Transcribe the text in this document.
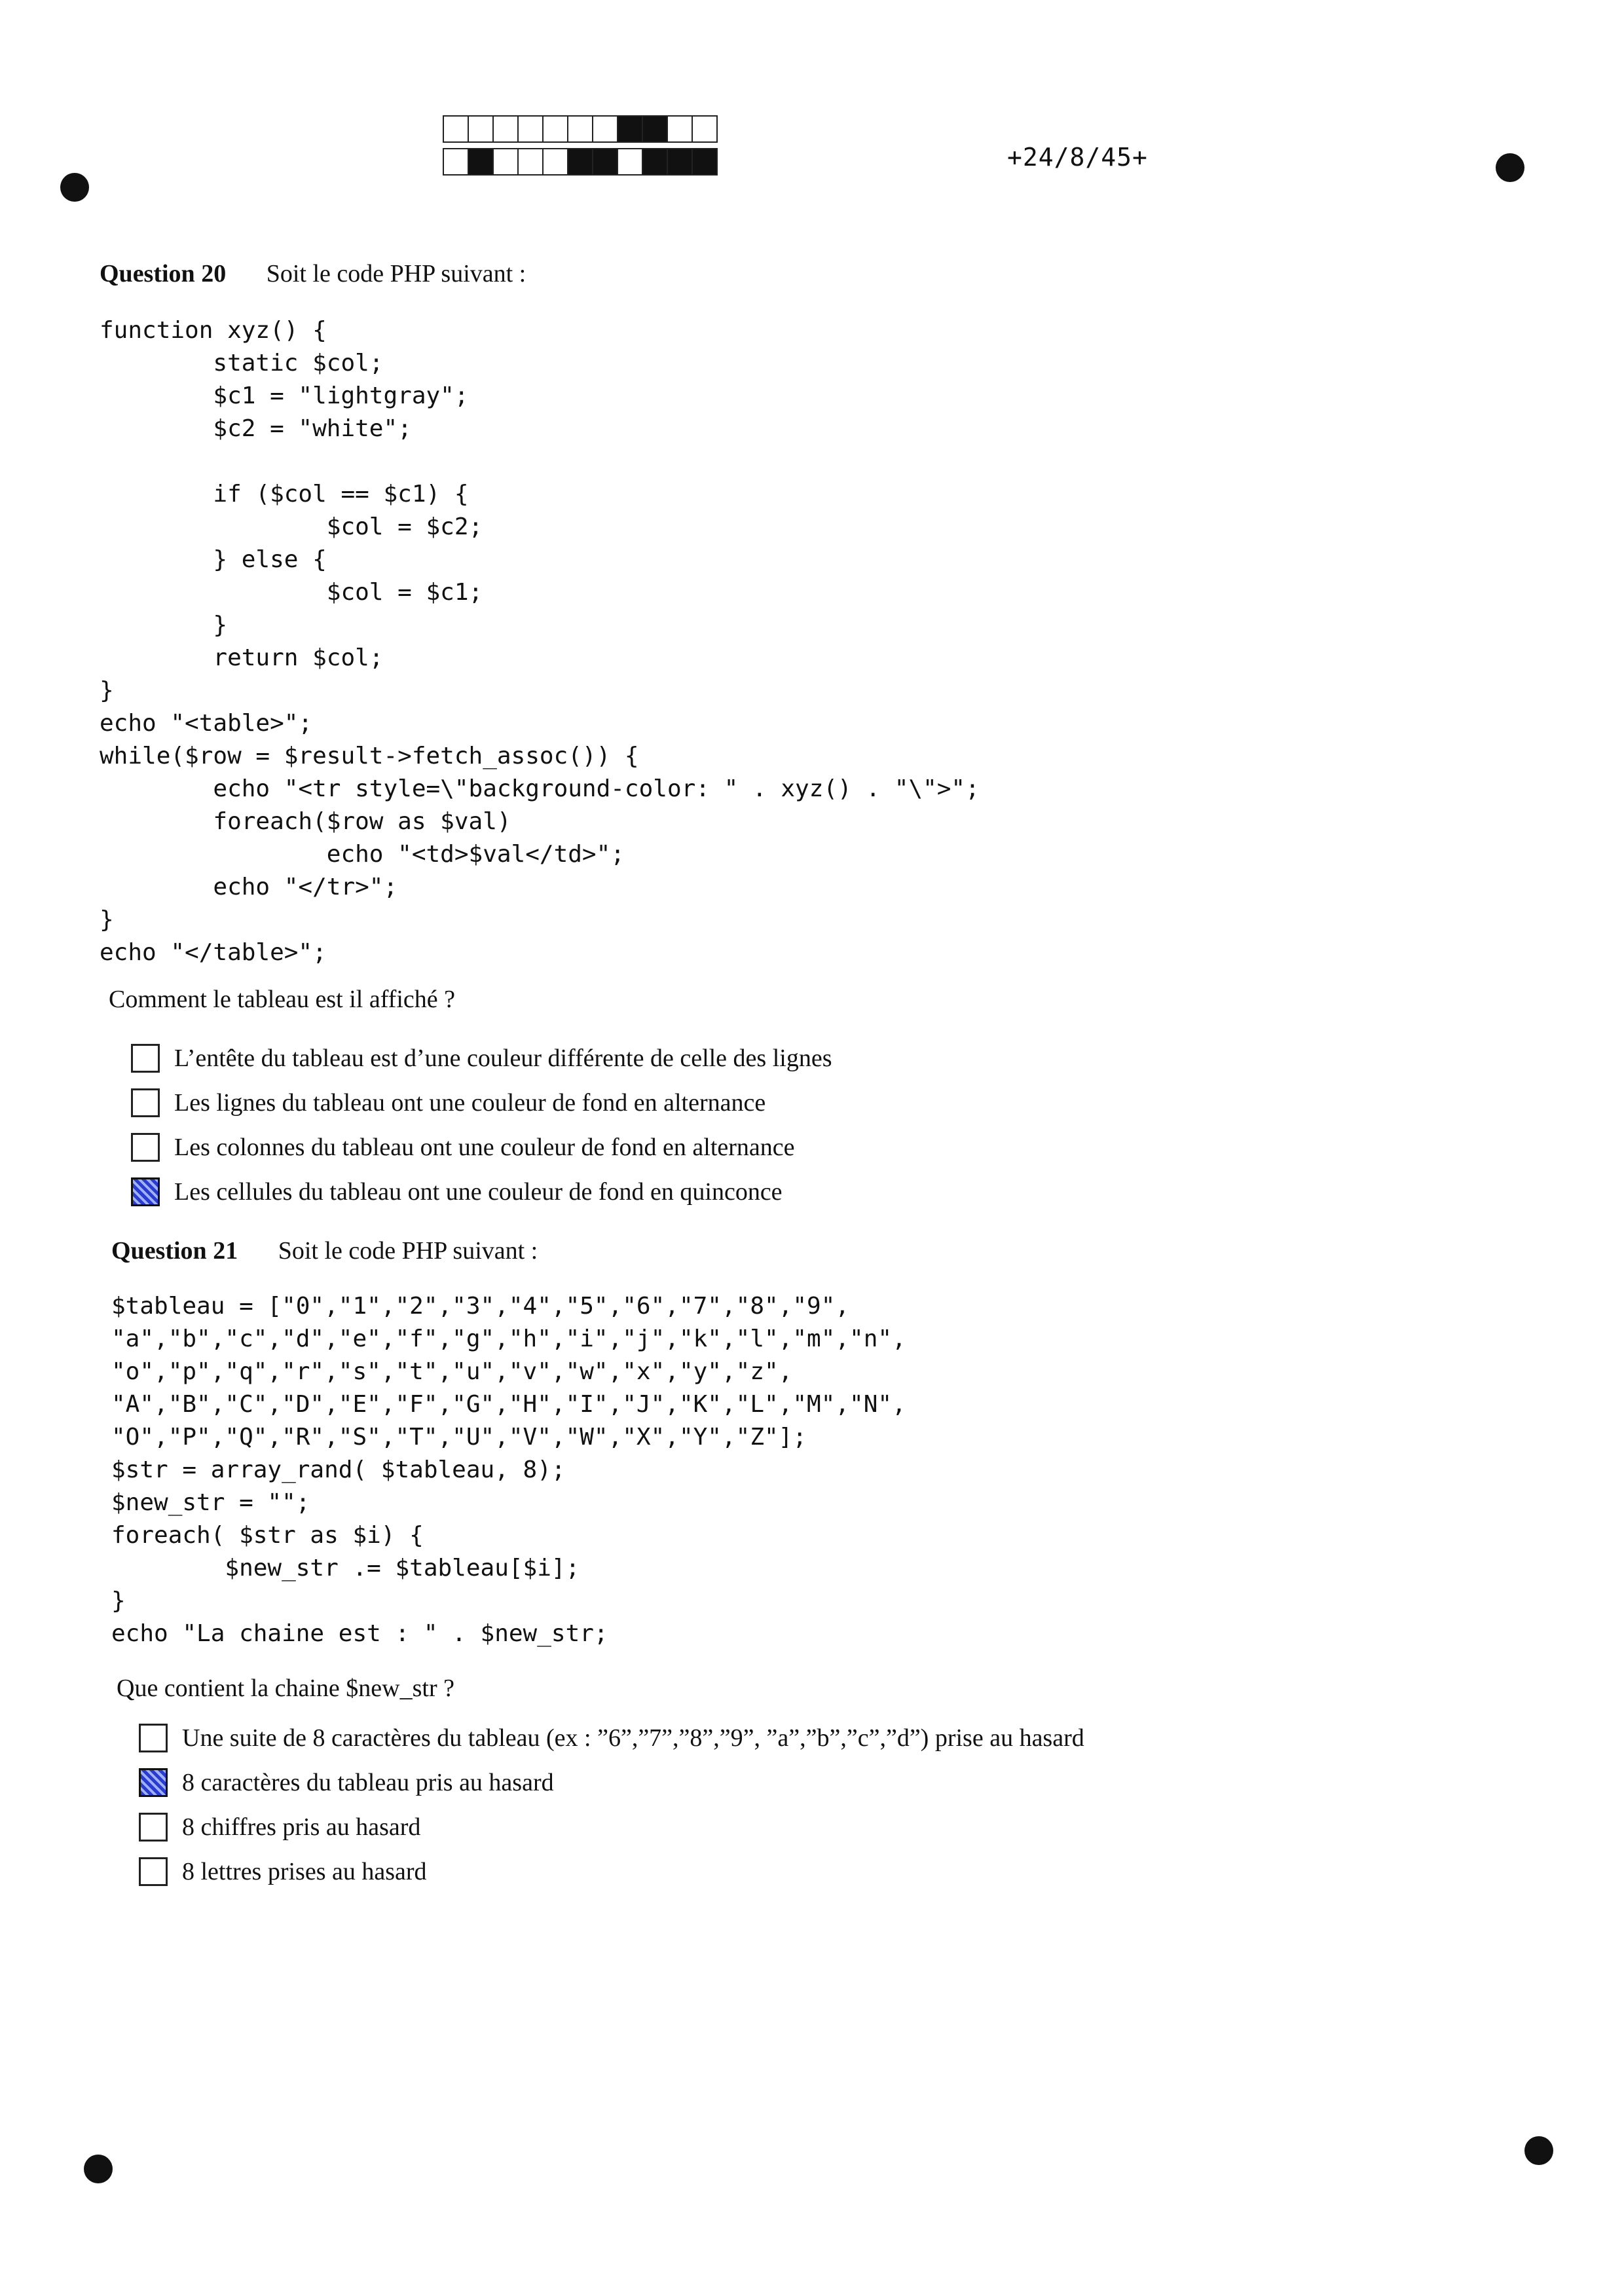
+24/8/45+
Question 20 Soit le code PHP suivant :
function xyz() {
static $col;
$c1 = "lightgray";
$c2 = "white";

if ($col == $c1) {
$col = $c2;
} else {
$col = $c1;
}
return $col;
}
echo "<table>";
while($row = $result->fetch_assoc()) {
echo "<tr style=\"background-color: " . xyz() . "\">";
foreach($row as $val)
echo "<td>$val</td>";
echo "</tr>";
}
echo "</table>";
Comment le tableau est il affiché ?
L’entête du tableau est d’une couleur différente de celle des lignes
Les lignes du tableau ont une couleur de fond en alternance
Les colonnes du tableau ont une couleur de fond en alternance
Les cellules du tableau ont une couleur de fond en quinconce
Question 21 Soit le code PHP suivant :
$tableau = ["0","1","2","3","4","5","6","7","8","9",
"a","b","c","d","e","f","g","h","i","j","k","l","m","n",
"o","p","q","r","s","t","u","v","w","x","y","z",
"A","B","C","D","E","F","G","H","I","J","K","L","M","N",
"O","P","Q","R","S","T","U","V","W","X","Y","Z"];
$str = array_rand( $tableau, 8);
$new_str = "";
foreach( $str as $i) {
$new_str .= $tableau[$i];
}
echo "La chaine est : " . $new_str;
Que contient la chaine $new_str ?
Une suite de 8 caractères du tableau (ex : ”6”,”7”,”8”,”9”, ”a”,”b”,”c”,”d”) prise au hasard
8 caractères du tableau pris au hasard
8 chiffres pris au hasard
8 lettres prises au hasard
